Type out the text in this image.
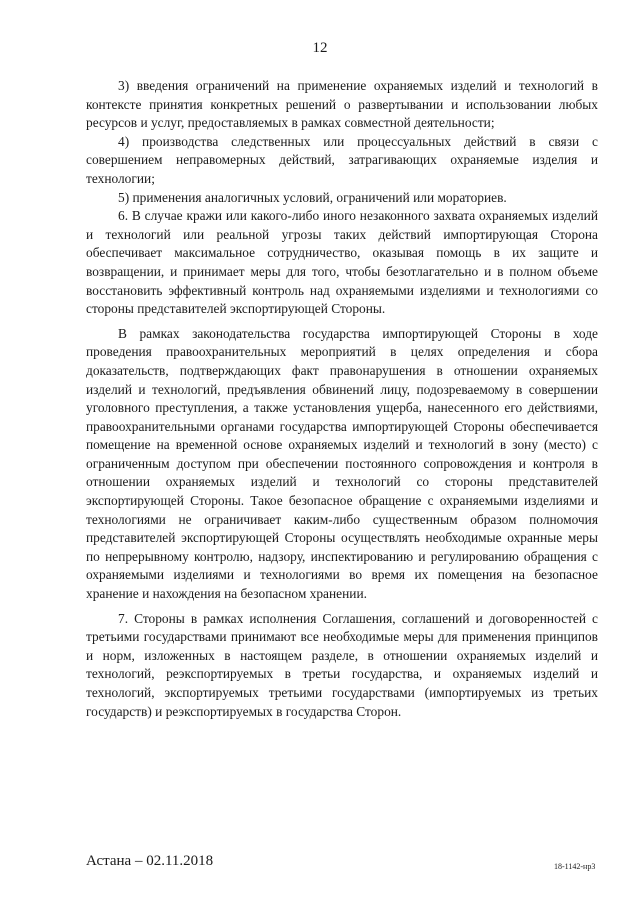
12

3) введения ограничений на применение охраняемых изделий и технологий в контексте принятия конкретных решений о развертывании и использовании любых ресурсов и услуг, предоставляемых в рамках совместной деятельности;

4) производства следственных или процессуальных действий в связи с совершением неправомерных действий, затрагивающих охраняемые изделия и технологии;

5) применения аналогичных условий, ограничений или мораториев.

6. В случае кражи или какого-либо иного незаконного захвата охраняемых изделий и технологий или реальной угрозы таких действий импортирующая Сторона обеспечивает максимальное сотрудничество, оказывая помощь в их защите и возвращении, и принимает меры для того, чтобы безотлагательно и в полном объеме восстановить эффективный контроль над охраняемыми изделиями и технологиями со стороны представителей экспортирующей Стороны.

В рамках законодательства государства импортирующей Стороны в ходе проведения правоохранительных мероприятий в целях определения и сбора доказательств, подтверждающих факт правонарушения в отношении охраняемых изделий и технологий, предъявления обвинений лицу, подозреваемому в совершении уголовного преступления, а также установления ущерба, нанесенного его действиями, правоохранительными органами государства импортирующей Стороны обеспечивается помещение на временной основе охраняемых изделий и технологий в зону (место) с ограниченным доступом при обеспечении постоянного сопровождения и контроля в отношении охраняемых изделий и технологий со стороны представителей экспортирующей Стороны. Такое безопасное обращение с охраняемыми изделиями и технологиями не ограничивает каким-либо существенным образом полномочия представителей экспортирующей Стороны осуществлять необходимые охранные меры по непрерывному контролю, надзору, инспектированию и регулированию обращения с охраняемыми изделиями и технологиями во время их помещения на безопасное хранение и нахождения на безопасном хранении.

7. Стороны в рамках исполнения Соглашения, соглашений и договоренностей с третьими государствами принимают все необходимые меры для применения принципов и норм, изложенных в настоящем разделе, в отношении охраняемых изделий и технологий, реэкспортируемых в третьи государства, и охраняемых изделий и технологий, экспортируемых третьими государствами (импортируемых из третьих государств) и реэкспортируемых в государства Сторон.

Астана – 02.11.2018	18-1142-нр3
